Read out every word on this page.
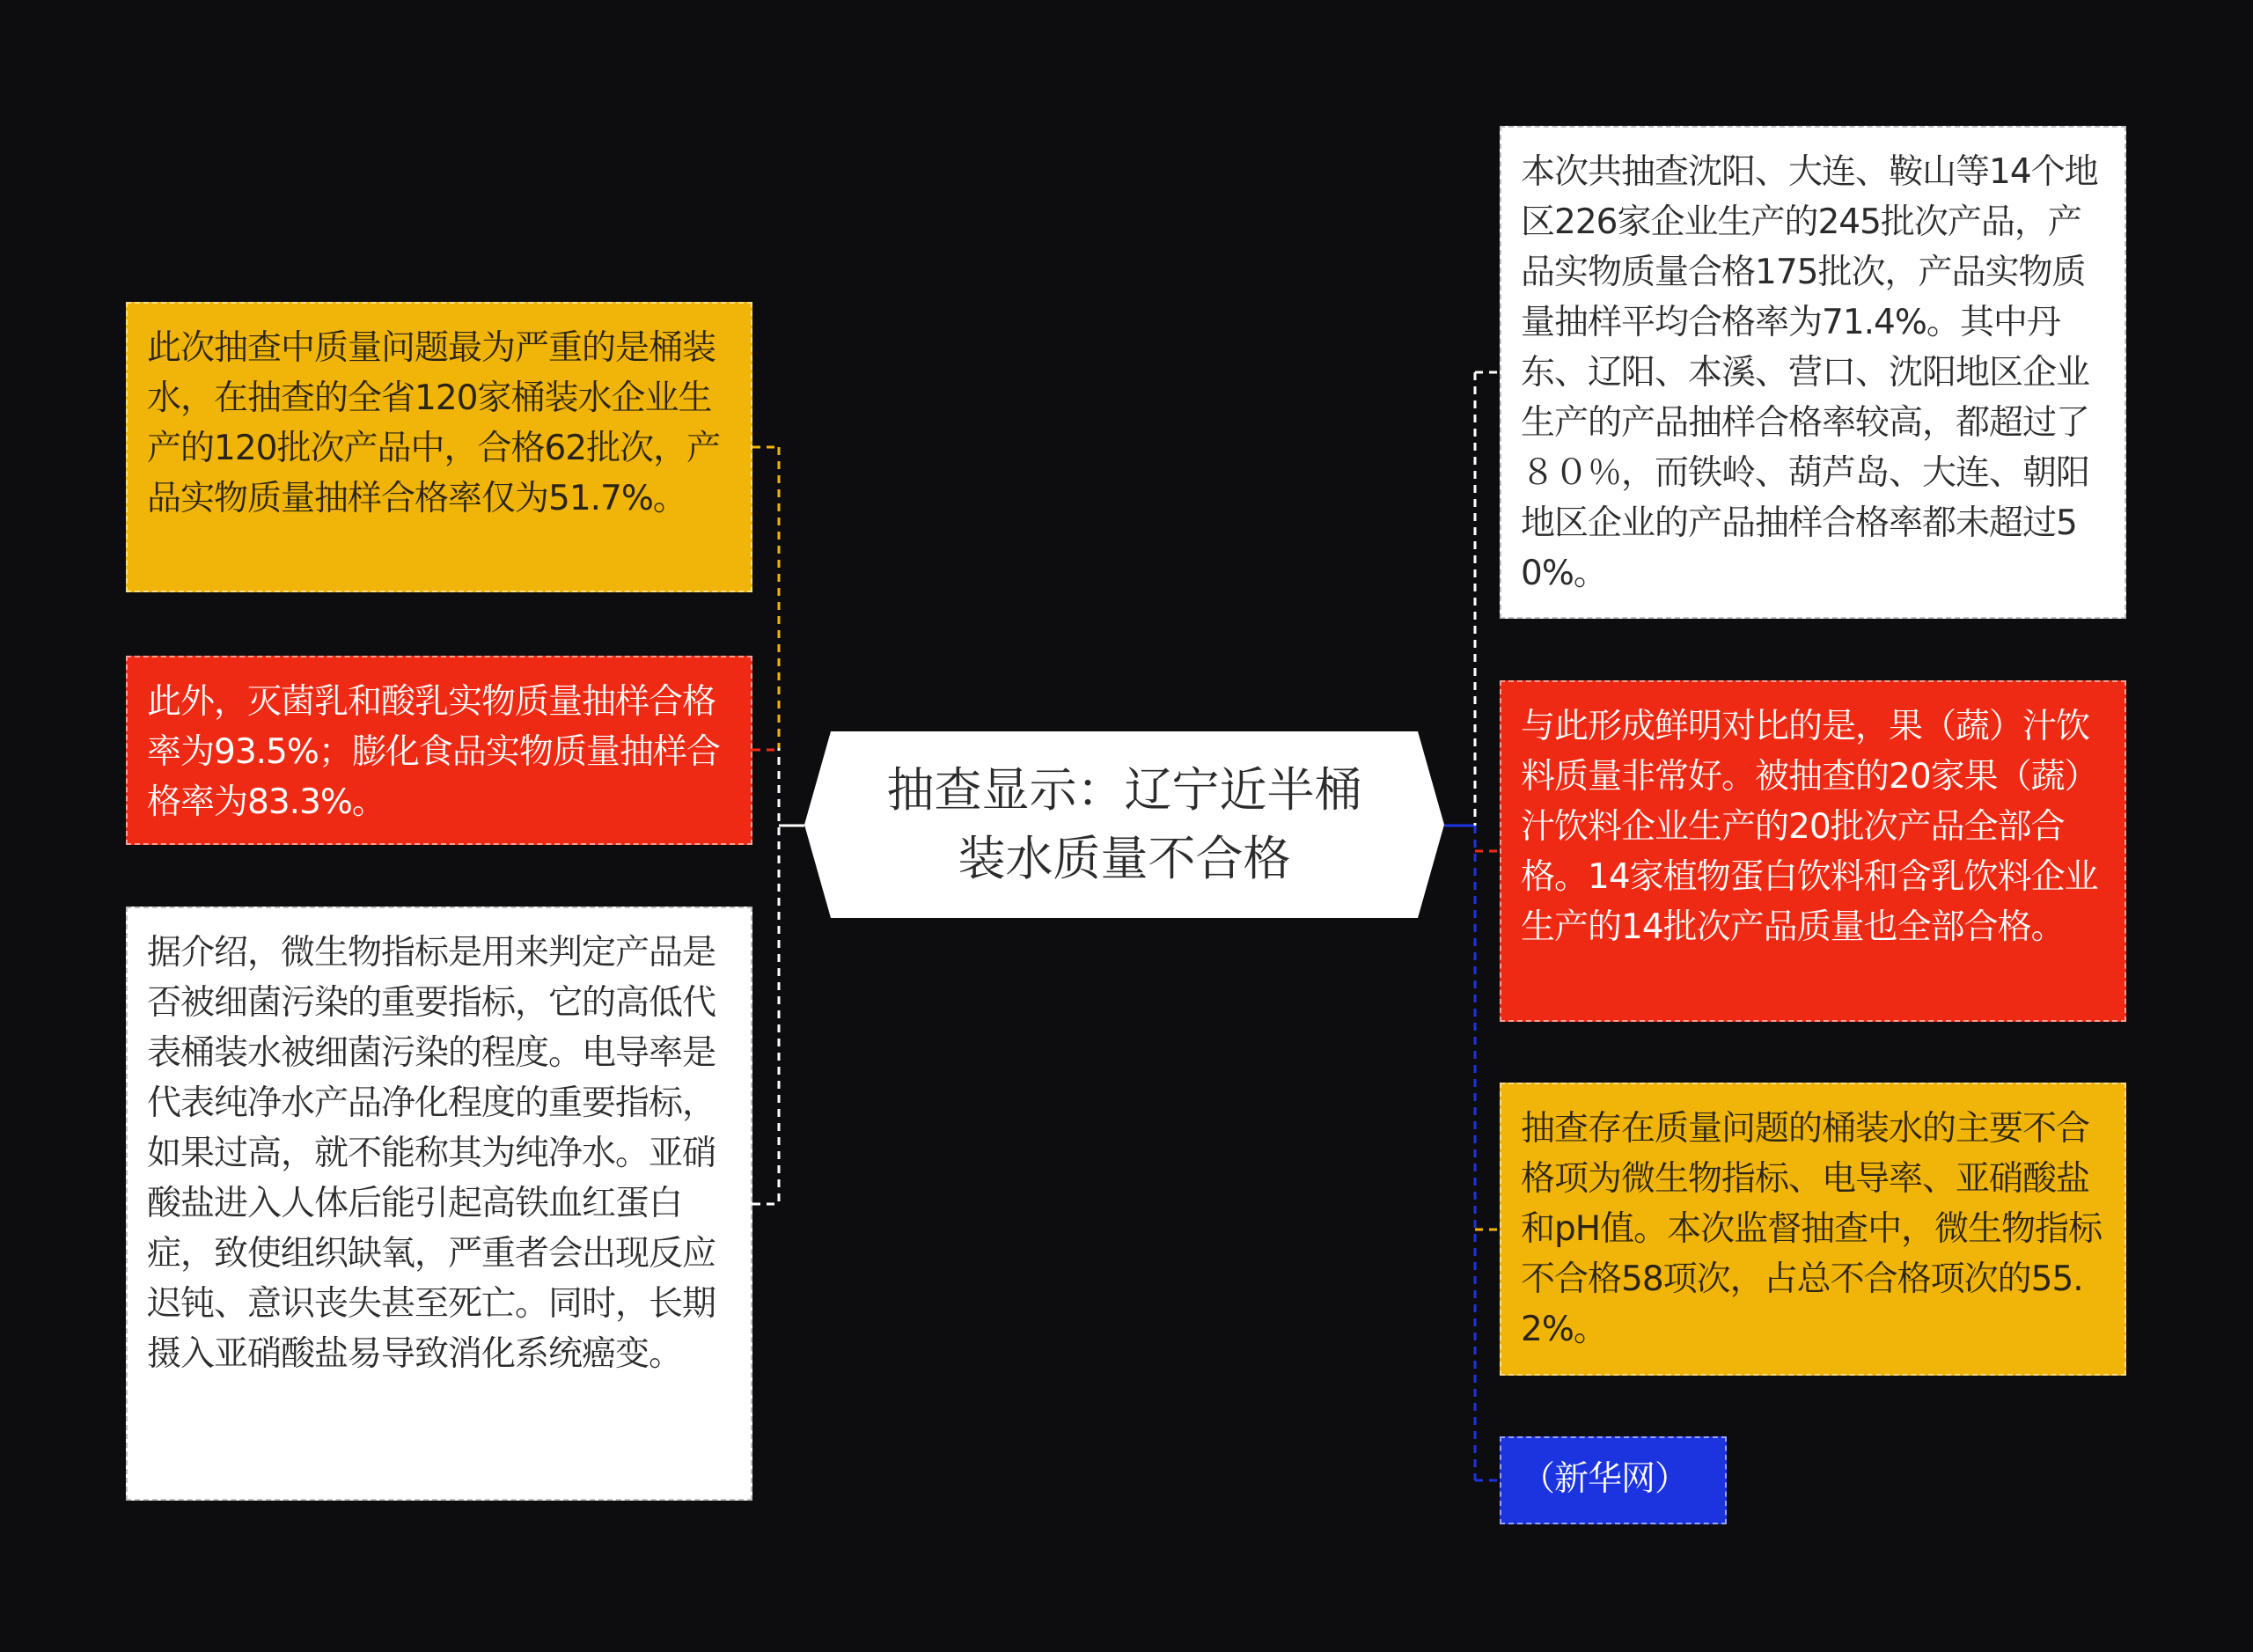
抽查显示：辽宁近半桶装水质量不合格
此次抽查中质量问题最为严重的是桶装水，在抽查的全省120家桶装水企业生产的120批次产品中，合格62批次，产品实物质量抽样合格率仅为51.7%。
此外，灭菌乳和酸乳实物质量抽样合格率为93.5%；膨化食品实物质量抽样合格率为83.3%。
据介绍，微生物指标是用来判定产品是否被细菌污染的重要指标，它的高低代表桶装水被细菌污染的程度。电导率是代表纯净水产品净化程度的重要指标，如果过高，就不能称其为纯净水。亚硝酸盐进入人体后能引起高铁血红蛋白症，致使组织缺氧，严重者会出现反应迟钝、意识丧失甚至死亡。同时，长期摄入亚硝酸盐易导致消化系统癌变。
本次共抽查沈阳、大连、鞍山等14个地区226家企业生产的245批次产品，产品实物质量合格175批次，产品实物质量抽样平均合格率为71.4%。其中丹东、辽阳、本溪、营口、沈阳地区企业生产的产品抽样合格率较高，都超过了８０％，而铁岭、葫芦岛、大连、朝阳地区企业的产品抽样合格率都未超过50%。
与此形成鲜明对比的是，果（蔬）汁饮料质量非常好。被抽查的20家果（蔬）汁饮料企业生产的20批次产品全部合格。14家植物蛋白饮料和含乳饮料企业生产的14批次产品质量也全部合格。
抽查存在质量问题的桶装水的主要不合格项为微生物指标、电导率、亚硝酸盐和pH值。本次监督抽查中，微生物指标不合格58项次，占总不合格项次的55.2%。
（新华网）
